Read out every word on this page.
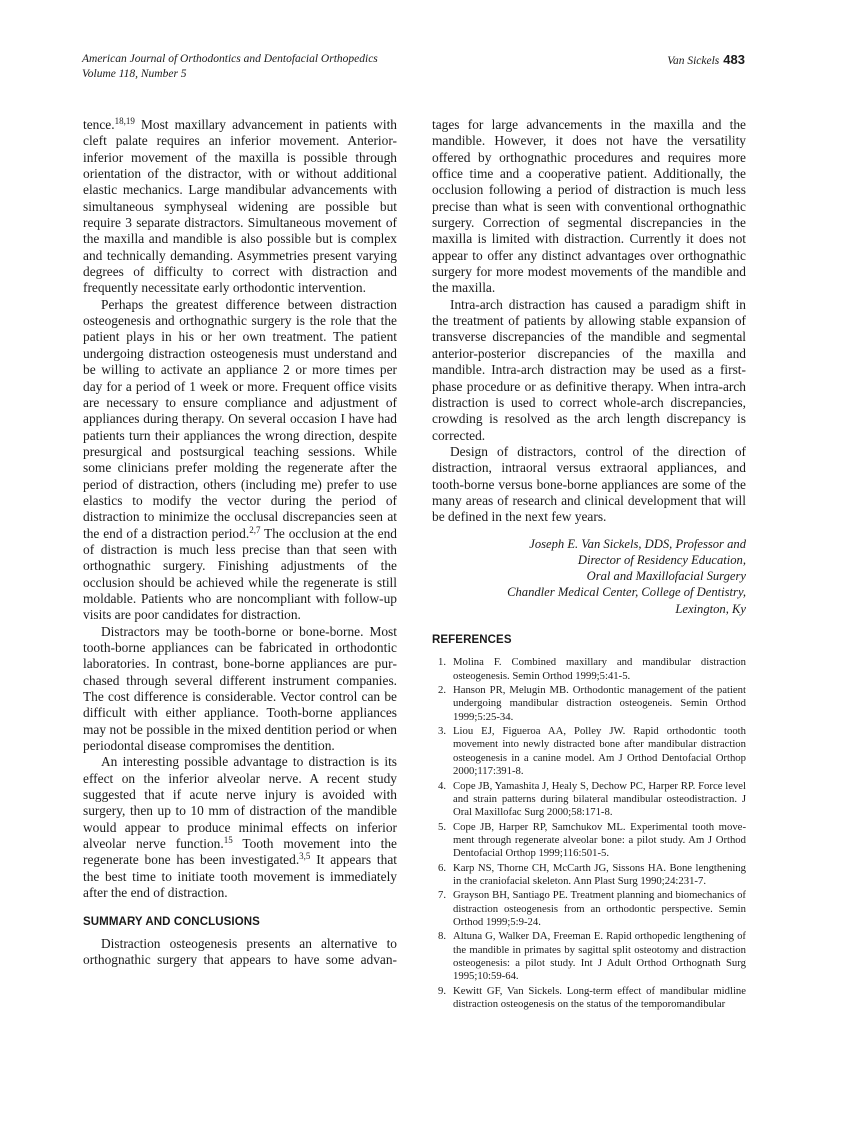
American Journal of Orthodontics and Dentofacial Orthopedics
Volume 118, Number 5
Van Sickels 483

tence.$^{18,19}$ Most maxillary advancement in patients with cleft palate requires an inferior movement. Anterior-inferior movement of the maxilla is possible through orientation of the distractor, with or without additional elastic mechanics. Large mandibular advancements with simultaneous symphyseal widening are possible but require 3 separate distractors. Simultaneous movement of the maxilla and mandible is also possible but is complex and technically demanding. Asymmetries present varying degrees of difficulty to correct with distraction and frequently necessitate early orthodontic intervention.

Perhaps the greatest difference between distraction osteogenesis and orthognathic surgery is the role that the patient plays in his or her own treatment. The patient undergoing distraction osteogenesis must understand and be willing to activate an appliance 2 or more times per day for a period of 1 week or more. Frequent office visits are necessary to ensure compliance and adjustment of appliances during therapy. On several occasion I have had patients turn their appliances the wrong direction, despite presurgical and postsurgical teaching sessions. While some clinicians prefer molding the regenerate after the period of distraction, others (including me) prefer to use elastics to modify the vector during the period of distraction to minimize the occlusal discrepancies seen at the end of a distraction period.$^{2,7}$ The occlusion at the end of distraction is much less precise than that seen with orthognathic surgery. Finishing adjustments of the occlusion should be achieved while the regenerate is still moldable. Patients who are noncompliant with follow-up visits are poor candidates for distraction.

Distractors may be tooth-borne or bone-borne. Most tooth-borne appliances can be fabricated in orthodontic laboratories. In contrast, bone-borne appliances are purchased through several different instrument companies. The cost difference is considerable. Vector control can be difficult with either appliance. Tooth-borne appliances may not be possible in the mixed dentition period or when periodontal disease compromises the dentition.

An interesting possible advantage to distraction is its effect on the inferior alveolar nerve. A recent study suggested that if acute nerve injury is avoided with surgery, then up to 10 mm of distraction of the mandible would appear to produce minimal effects on inferior alveolar nerve function.$^{15}$ Tooth movement into the regenerate bone has been investigated.$^{3,5}$ It appears that the best time to initiate tooth movement is immediately after the end of distraction.

SUMMARY AND CONCLUSIONS

Distraction osteogenesis presents an alternative to orthognathic surgery that appears to have some advan-

tages for large advancements in the maxilla and the mandible. However, it does not have the versatility offered by orthognathic procedures and requires more office time and a cooperative patient. Additionally, the occlusion following a period of distraction is much less precise than what is seen with conventional orthognathic surgery. Correction of segmental discrepancies in the maxilla is limited with distraction. Currently it does not appear to offer any distinct advantages over orthognathic surgery for more modest movements of the mandible and the maxilla.

Intra-arch distraction has caused a paradigm shift in the treatment of patients by allowing stable expansion of transverse discrepancies of the mandible and segmental anterior-posterior discrepancies of the maxilla and mandible. Intra-arch distraction may be used as a first-phase procedure or as definitive therapy. When intra-arch distraction is used to correct whole-arch discrepancies, crowding is resolved as the arch length discrepancy is corrected.

Design of distractors, control of the direction of distraction, intraoral versus extraoral appliances, and tooth-borne versus bone-borne appliances are some of the many areas of research and clinical development that will be defined in the next few years.

Joseph E. Van Sickels, DDS, Professor and
Director of Residency Education,
Oral and Maxillofacial Surgery
Chandler Medical Center, College of Dentistry,
Lexington, Ky
REFERENCES
1. Molina F. Combined maxillary and mandibular distraction osteogenesis. Semin Orthod 1999;5:41-5.
2. Hanson PR, Melugin MB. Orthodontic management of the patient undergoing mandibular distraction osteogeneis. Semin Orthod 1999;5:25-34.
3. Liou EJ, Figueroa AA, Polley JW. Rapid orthodontic tooth movement into newly distracted bone after mandibular distraction osteogenesis in a canine model. Am J Orthod Dentofacial Orthop 2000;117:391-8.
4. Cope JB, Yamashita J, Healy S, Dechow PC, Harper RP. Force level and strain patterns during bilateral mandibular osteodistraction. J Oral Maxillofac Surg 2000;58:171-8.
5. Cope JB, Harper RP, Samchukov ML. Experimental tooth movement through regenerate alveolar bone: a pilot study. Am J Orthod Dentofacial Orthop 1999;116:501-5.
6. Karp NS, Thorne CH, McCarth JG, Sissons HA. Bone lengthening in the craniofacial skeleton. Ann Plast Surg 1990;24:231-7.
7. Grayson BH, Santiago PE. Treatment planning and biomechanics of distraction osteogenesis from an orthodontic perspective. Semin Orthod 1999;5:9-24.
8. Altuna G, Walker DA, Freeman E. Rapid orthopedic lengthening of the mandible in primates by sagittal split osteotomy and distraction osteogenesis: a pilot study. Int J Adult Orthod Orthognath Surg 1995;10:59-64.
9. Kewitt GF, Van Sickels. Long-term effect of mandibular midline distraction osteogenesis on the status of the temporomandibular
